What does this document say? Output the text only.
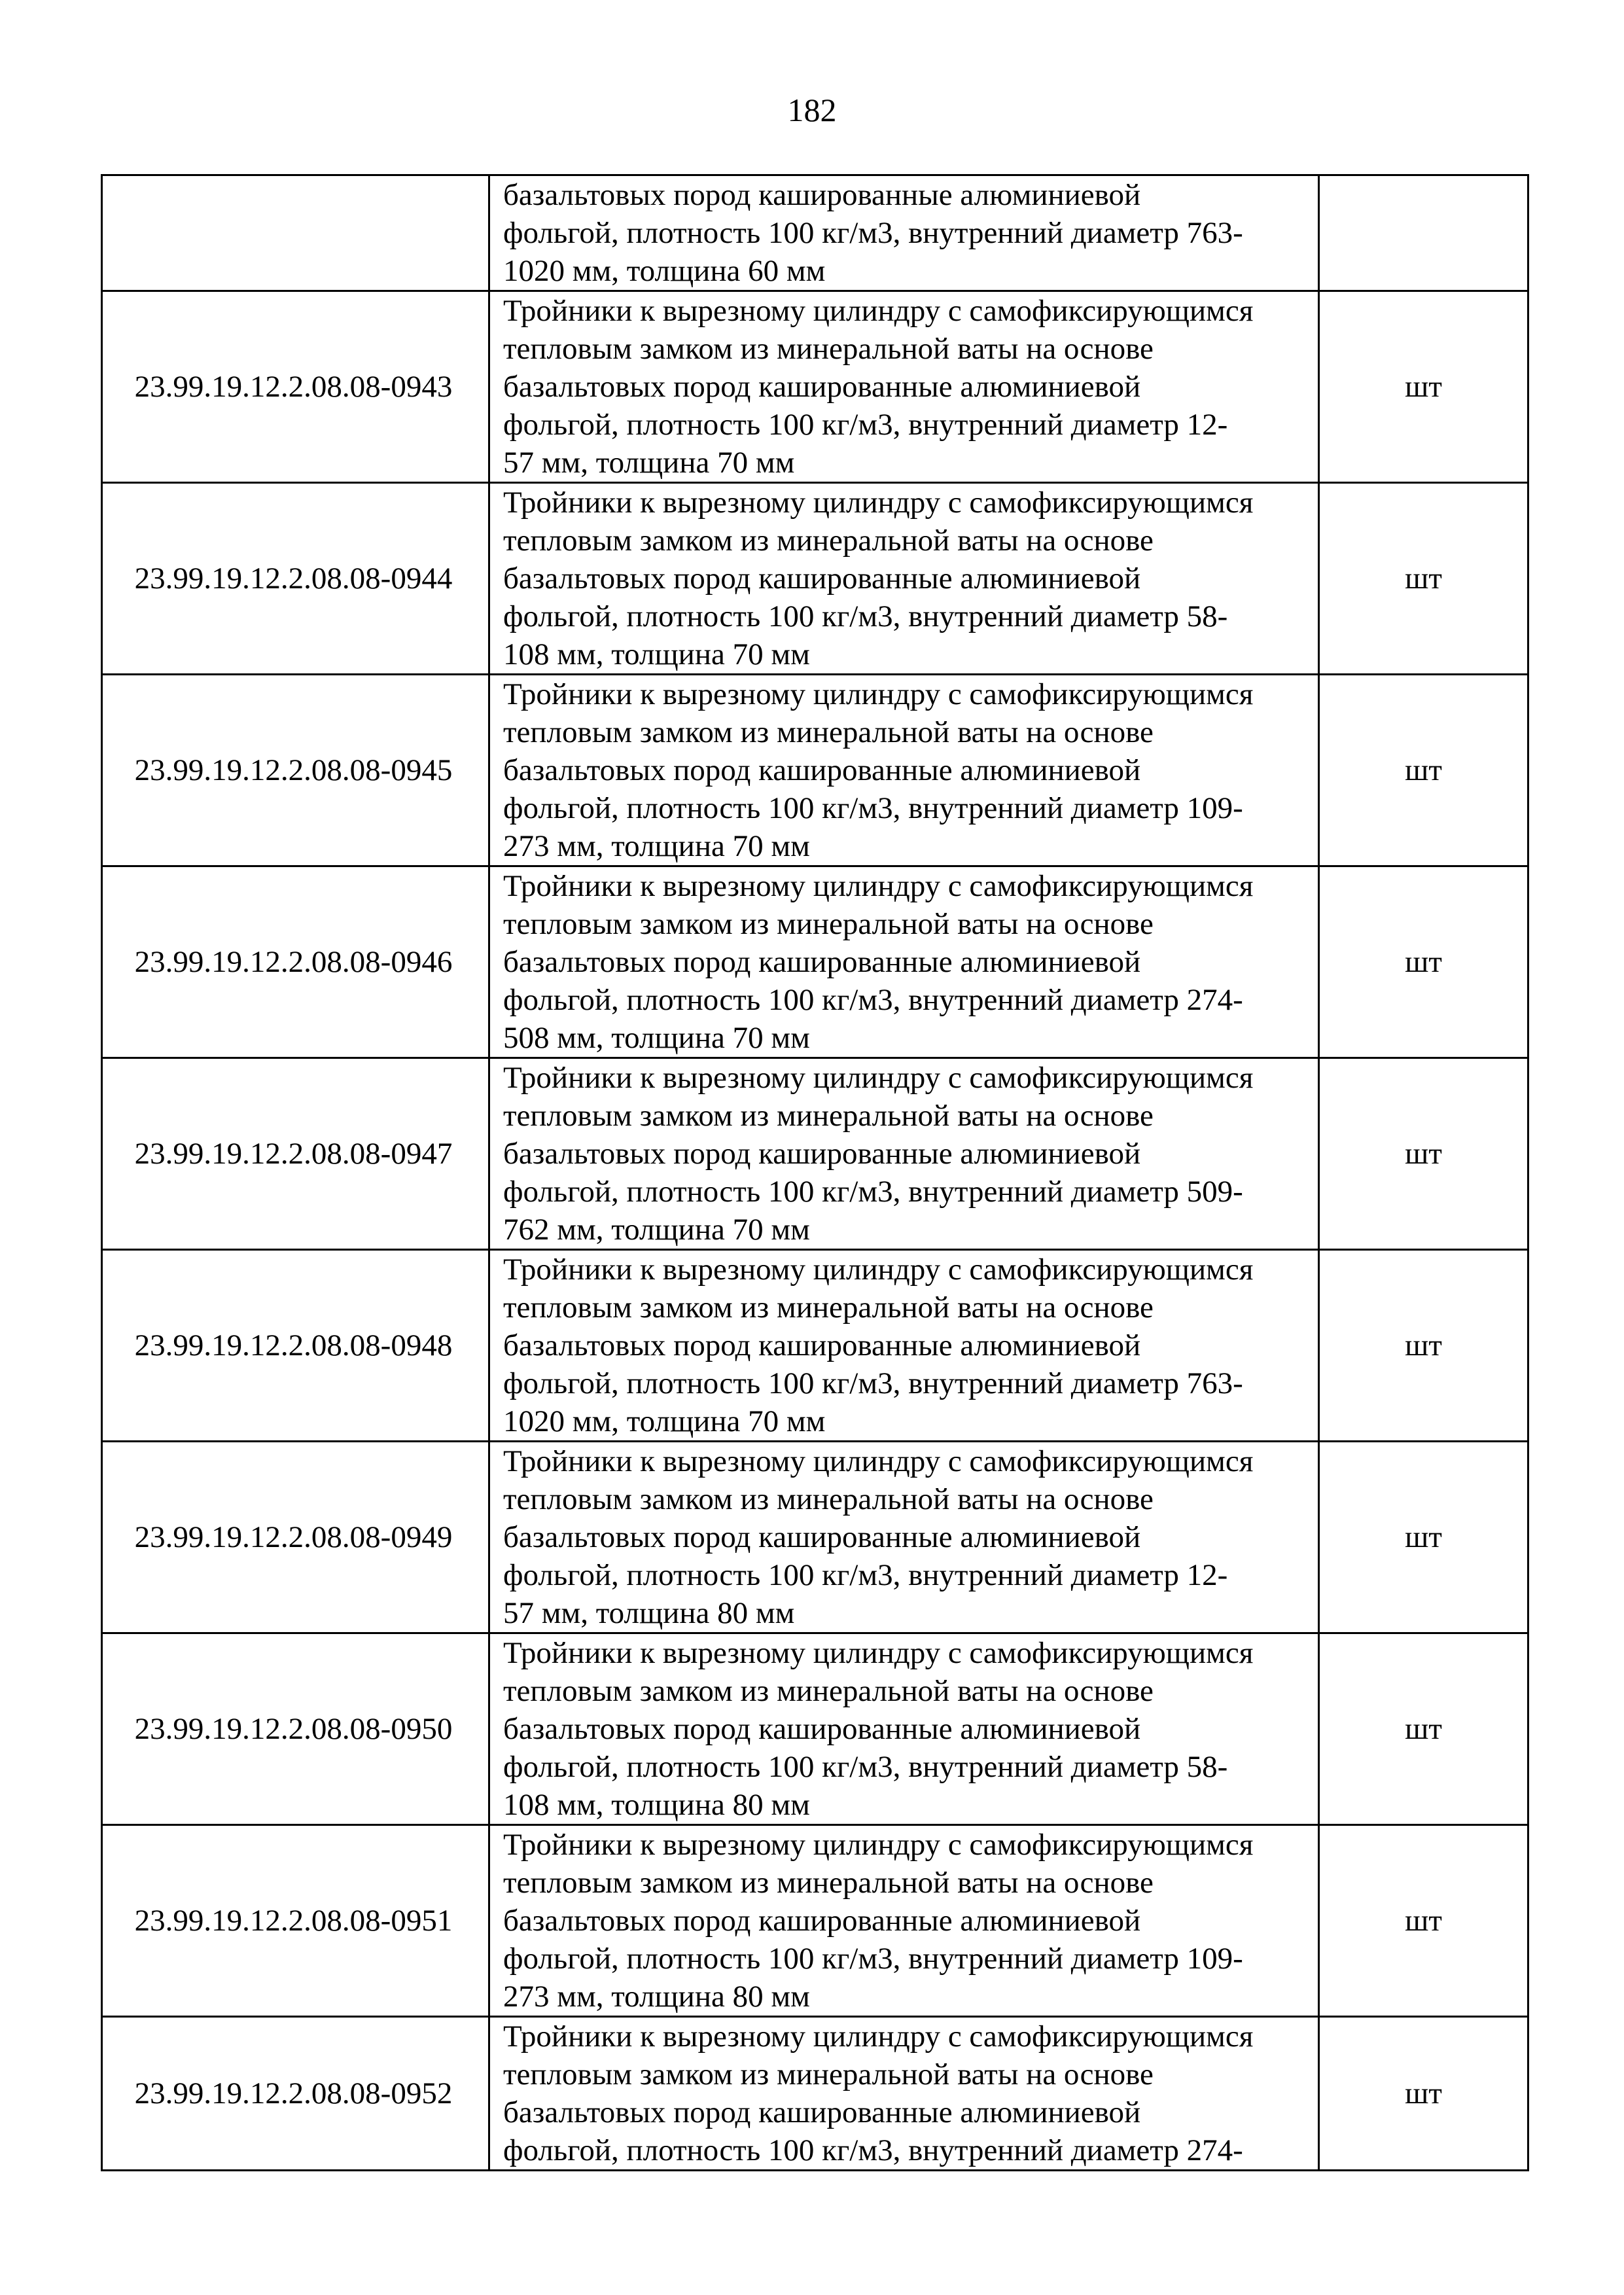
182

	базальтовых пород кашированные алюминиевой
фольгой, плотность 100 кг/м3, внутренний диаметр 763-
1020 мм, толщина 60 мм	

23.99.19.12.2.08.08-0943	Тройники к вырезному цилиндру с самофиксирующимся
тепловым замком из минеральной ваты на основе
базальтовых пород кашированные алюминиевой
фольгой, плотность 100 кг/м3, внутренний диаметр 12-
57 мм, толщина 70 мм	шт
23.99.19.12.2.08.08-0944	Тройники к вырезному цилиндру с самофиксирующимся
тепловым замком из минеральной ваты на основе
базальтовых пород кашированные алюминиевой
фольгой, плотность 100 кг/м3, внутренний диаметр 58-
108 мм, толщина 70 мм	шт
23.99.19.12.2.08.08-0945	Тройники к вырезному цилиндру с самофиксирующимся
тепловым замком из минеральной ваты на основе
базальтовых пород кашированные алюминиевой
фольгой, плотность 100 кг/м3, внутренний диаметр 109-
273 мм, толщина 70 мм	шт
23.99.19.12.2.08.08-0946	Тройники к вырезному цилиндру с самофиксирующимся
тепловым замком из минеральной ваты на основе
базальтовых пород кашированные алюминиевой
фольгой, плотность 100 кг/м3, внутренний диаметр 274-
508 мм, толщина 70 мм	шт
23.99.19.12.2.08.08-0947	Тройники к вырезному цилиндру с самофиксирующимся
тепловым замком из минеральной ваты на основе
базальтовых пород кашированные алюминиевой
фольгой, плотность 100 кг/м3, внутренний диаметр 509-
762 мм, толщина 70 мм	шт
23.99.19.12.2.08.08-0948	Тройники к вырезному цилиндру с самофиксирующимся
тепловым замком из минеральной ваты на основе
базальтовых пород кашированные алюминиевой
фольгой, плотность 100 кг/м3, внутренний диаметр 763-
1020 мм, толщина 70 мм	шт
23.99.19.12.2.08.08-0949	Тройники к вырезному цилиндру с самофиксирующимся
тепловым замком из минеральной ваты на основе
базальтовых пород кашированные алюминиевой
фольгой, плотность 100 кг/м3, внутренний диаметр 12-
57 мм, толщина 80 мм	шт
23.99.19.12.2.08.08-0950	Тройники к вырезному цилиндру с самофиксирующимся
тепловым замком из минеральной ваты на основе
базальтовых пород кашированные алюминиевой
фольгой, плотность 100 кг/м3, внутренний диаметр 58-
108 мм, толщина 80 мм	шт
23.99.19.12.2.08.08-0951	Тройники к вырезному цилиндру с самофиксирующимся
тепловым замком из минеральной ваты на основе
базальтовых пород кашированные алюминиевой
фольгой, плотность 100 кг/м3, внутренний диаметр 109-
273 мм, толщина 80 мм	шт
23.99.19.12.2.08.08-0952	Тройники к вырезному цилиндру с самофиксирующимся
тепловым замком из минеральной ваты на основе
базальтовых пород кашированные алюминиевой
фольгой, плотность 100 кг/м3, внутренний диаметр 274-	шт
